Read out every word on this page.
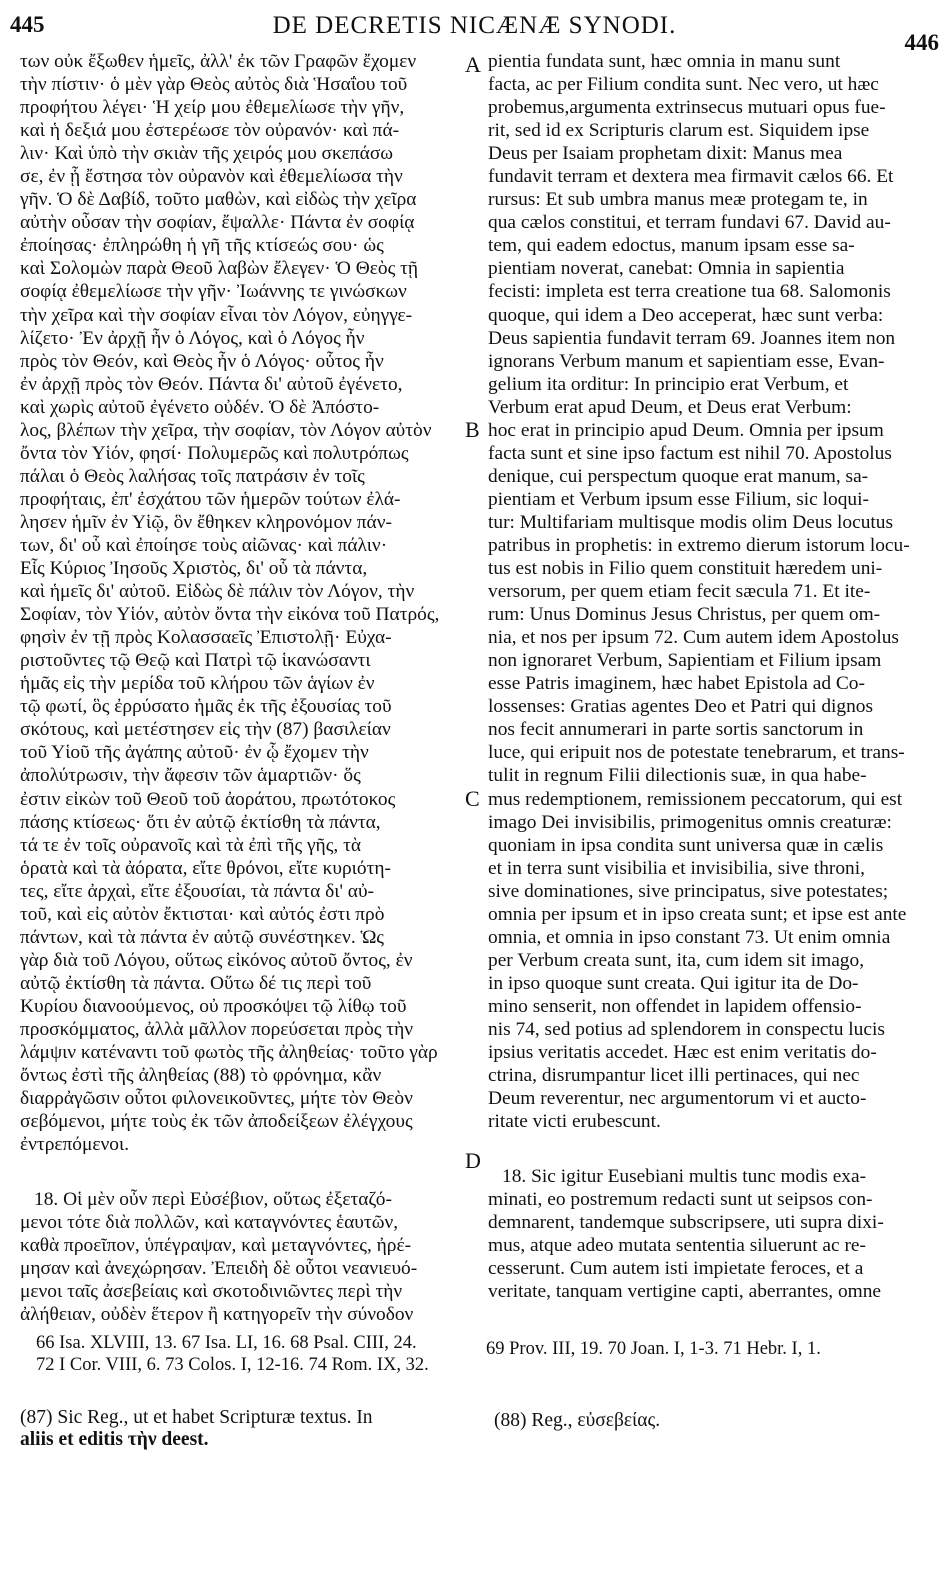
445	DE DECRETIS NICÆNÆ SYNODI.
446
των οὐκ ἔξωθεν ἡμεῖς, ἀλλ' ἐκ τῶν Γραφῶν ἔχομεν
τὴν πίστιν· ὁ μὲν γὰρ Θεὸς αὐτὸς διὰ Ἡσαΐου τοῦ
προφήτου λέγει· Ἡ χείρ μου ἐθεμελίωσε τὴν γῆν,
καὶ ἡ δεξιά μου ἐστερέωσε τὸν οὐρανόν· καὶ πά-
λιν· Καὶ ὑπὸ τὴν σκιὰν τῆς χειρός μου σκεπάσω
σε, ἐν ᾗ ἔστησα τὸν οὐρανὸν καὶ ἐθεμελίωσα τὴν
γῆν. Ὁ δὲ Δαβίδ, τοῦτο μαθὼν, καὶ εἰδὼς τὴν χεῖρα
αὐτὴν οὖσαν τὴν σοφίαν, ἔψαλλε· Πάντα ἐν σοφίᾳ
ἐποίησας· ἐπληρώθη ἡ γῆ τῆς κτίσεώς σου· ὡς
καὶ Σολομὼν παρὰ Θεοῦ λαβὼν ἔλεγεν· Ὁ Θεὸς τῇ
σοφίᾳ ἐθεμελίωσε τὴν γῆν· Ἰωάννης τε γινώσκων
τὴν χεῖρα καὶ τὴν σοφίαν εἶναι τὸν Λόγον, εὐηγγε-
λίζετο· Ἐν ἀρχῇ ἦν ὁ Λόγος, καὶ ὁ Λόγος ἦν
πρὸς τὸν Θεόν, καὶ Θεὸς ἦν ὁ Λόγος· οὗτος ἦν
ἐν ἀρχῇ πρὸς τὸν Θεόν. Πάντα δι' αὐτοῦ ἐγένετο,
καὶ χωρὶς αὐτοῦ ἐγένετο οὐδέν. Ὁ δὲ Ἀπόστο-
λος, βλέπων τὴν χεῖρα, τὴν σοφίαν, τὸν Λόγον αὐτὸν
ὄντα τὸν Υἱόν, φησί· Πολυμερῶς καὶ πολυτρόπως
πάλαι ὁ Θεὸς λαλήσας τοῖς πατράσιν ἐν τοῖς
προφήταις, ἐπ' ἐσχάτου τῶν ἡμερῶν τούτων ἐλά-
λησεν ἡμῖν ἐν Υἱῷ, ὃν ἔθηκεν κληρονόμον πάν-
των, δι' οὗ καὶ ἐποίησε τοὺς αἰῶνας· καὶ πάλιν·
Εἷς Κύριος Ἰησοῦς Χριστὸς, δι' οὗ τὰ πάντα,
καὶ ἡμεῖς δι' αὐτοῦ. Εἰδὼς δὲ πάλιν τὸν Λόγον, τὴν
Σοφίαν, τὸν Υἱόν, αὐτὸν ὄντα τὴν εἰκόνα τοῦ Πατρός,
φησὶν ἐν τῇ πρὸς Κολασσαεῖς Ἐπιστολῇ· Εὐχα-
ριστοῦντες τῷ Θεῷ καὶ Πατρὶ τῷ ἱκανώσαντι
ἡμᾶς εἰς τὴν μερίδα τοῦ κλήρου τῶν ἁγίων ἐν
τῷ φωτί, ὃς ἐρρύσατο ἡμᾶς ἐκ τῆς ἐξουσίας τοῦ
σκότους, καὶ μετέστησεν εἰς τὴν (87) βασιλείαν
τοῦ Υἱοῦ τῆς ἀγάπης αὐτοῦ· ἐν ᾧ ἔχομεν τὴν
ἀπολύτρωσιν, τὴν ἄφεσιν τῶν ἁμαρτιῶν· ὅς
ἐστιν εἰκὼν τοῦ Θεοῦ τοῦ ἀοράτου, πρωτότοκος
πάσης κτίσεως· ὅτι ἐν αὐτῷ ἐκτίσθη τὰ πάντα,
τά τε ἐν τοῖς οὐρανοῖς καὶ τὰ ἐπὶ τῆς γῆς, τὰ
ὁρατὰ καὶ τὰ ἀόρατα, εἴτε θρόνοι, εἴτε κυριότη-
τες, εἴτε ἀρχαὶ, εἴτε ἐξουσίαι, τὰ πάντα δι' αὐ-
τοῦ, καὶ εἰς αὐτὸν ἔκτισται· καὶ αὐτός ἐστι πρὸ
πάντων, καὶ τὰ πάντα ἐν αὐτῷ συνέστηκεν. Ὡς
γὰρ διὰ τοῦ Λόγου, οὕτως εἰκόνος αὐτοῦ ὄντος, ἐν
αὐτῷ ἐκτίσθη τὰ πάντα. Οὕτω δέ τις περὶ τοῦ
Κυρίου διανοούμενος, οὐ προσκόψει τῷ λίθῳ τοῦ
προσκόμματος, ἀλλὰ μᾶλλον πορεύσεται πρὸς τὴν
λάμψιν κατέναντι τοῦ φωτὸς τῆς ἀληθείας· τοῦτο γὰρ
ὄντως ἐστὶ τῆς ἀληθείας (88) τὸ φρόνημα, κἂν
διαρρἀγῶσιν οὗτοι φιλονεικοῦντες, μήτε τὸν Θεὸν
σεβόμενοι, μήτε τοὺς ἐκ τῶν ἀποδείξεων ἐλέγχους
ἐντρεπόμενοι.
18. Οἱ μὲν οὖν περὶ Εὐσέβιον, οὕτως ἐξεταζό-
μενοι τότε διὰ πολλῶν, καὶ καταγνόντες ἑαυτῶν,
καθὰ προεῖπον, ὑπέγραψαν, καὶ μεταγνόντες, ἠρέ-
μησαν καὶ ἀνεχώρησαν. Ἐπειδὴ δὲ οὗτοι νεανιευό-
μενοι ταῖς ἀσεβείαις καὶ σκοτοδινιῶντες περὶ τὴν
ἀλήθειαν, οὐδὲν ἕτερον ἢ κατηγορεῖν τὴν σύνοδον
pientia fundata sunt, hæc omnia in manu sunt
facta, ac per Filium condita sunt. Nec vero, ut hæc
probemus,argumenta extrinsecus mutuari opus fue-
rit, sed id ex Scripturis clarum est. Siquidem ipse
Deus per Isaiam prophetam dixit: Manus mea
fundavit terram et dextera mea firmavit cælos 66. Et
rursus: Et sub umbra manus meæ protegam te, in
qua cælos constitui, et terram fundavi 67. David au-
tem, qui eadem edoctus, manum ipsam esse sa-
pientiam noverat, canebat: Omnia in sapientia
fecisti: impleta est terra creatione tua 68. Salomonis
quoque, qui idem a Deo acceperat, hæc sunt verba:
Deus sapientia fundavit terram 69. Joannes item non
ignorans Verbum manum et sapientiam esse, Evan-
gelium ita orditur: In principio erat Verbum, et
Verbum erat apud Deum, et Deus erat Verbum:
hoc erat in principio apud Deum. Omnia per ipsum
facta sunt et sine ipso factum est nihil 70. Apostolus
denique, cui perspectum quoque erat manum, sa-
pientiam et Verbum ipsum esse Filium, sic loqui-
tur: Multifariam multisque modis olim Deus locutus
patribus in prophetis: in extremo dierum istorum locu-
tus est nobis in Filio quem constituit hæredem uni-
versorum, per quem etiam fecit sæcula 71. Et ite-
rum: Unus Dominus Jesus Christus, per quem om-
nia, et nos per ipsum 72. Cum autem idem Apostolus
non ignoraret Verbum, Sapientiam et Filium ipsam
esse Patris imaginem, hæc habet Epistola ad Co-
lossenses: Gratias agentes Deo et Patri qui dignos
nos fecit annumerari in parte sortis sanctorum in
luce, qui eripuit nos de potestate tenebrarum, et trans-
tulit in regnum Filii dilectionis suæ, in qua habe-
mus redemptionem, remissionem peccatorum, qui est
imago Dei invisibilis, primogenitus omnis creaturæ:
quoniam in ipsa condita sunt universa quæ in cælis
et in terra sunt visibilia et invisibilia, sive throni,
sive dominationes, sive principatus, sive potestates;
omnia per ipsum et in ipso creata sunt; et ipse est ante
omnia, et omnia in ipso constant 73. Ut enim omnia
per Verbum creata sunt, ita, cum idem sit imago,
in ipso quoque sunt creata. Qui igitur ita de Do-
mino senserit, non offendet in lapidem offensio-
nis 74, sed potius ad splendorem in conspectu lucis
ipsius veritatis accedet. Hæc est enim veritatis do-
ctrina, disrumpantur licet illi pertinaces, qui nec
Deum reverentur, nec argumentorum vi et aucto-
ritate victi erubescunt.
18. Sic igitur Eusebiani multis tunc modis exa-
minati, eo postremum redacti sunt ut seipsos con-
demnarent, tandemque subscripsere, uti supra dixi-
mus, atque adeo mutata sententia siluerunt ac re-
cesserunt. Cum autem isti impietate feroces, et a
veritate, tanquam vertigine capti, aberrantes, omne
A
B
C
D
66 Isa. XLVIII, 13. 67 Isa. LI, 16. 68 Psal. CIII, 24.
72 I Cor. VIII, 6. 73 Colos. I, 12-16. 74 Rom. IX, 32.
69 Prov. III, 19. 70 Joan. I, 1-3. 71 Hebr. I, 1.
(87) Sic Reg., ut et habet Scripturæ textus. In
aliis et editis τὴν deest.
(88) Reg., εὐσεβείας.
